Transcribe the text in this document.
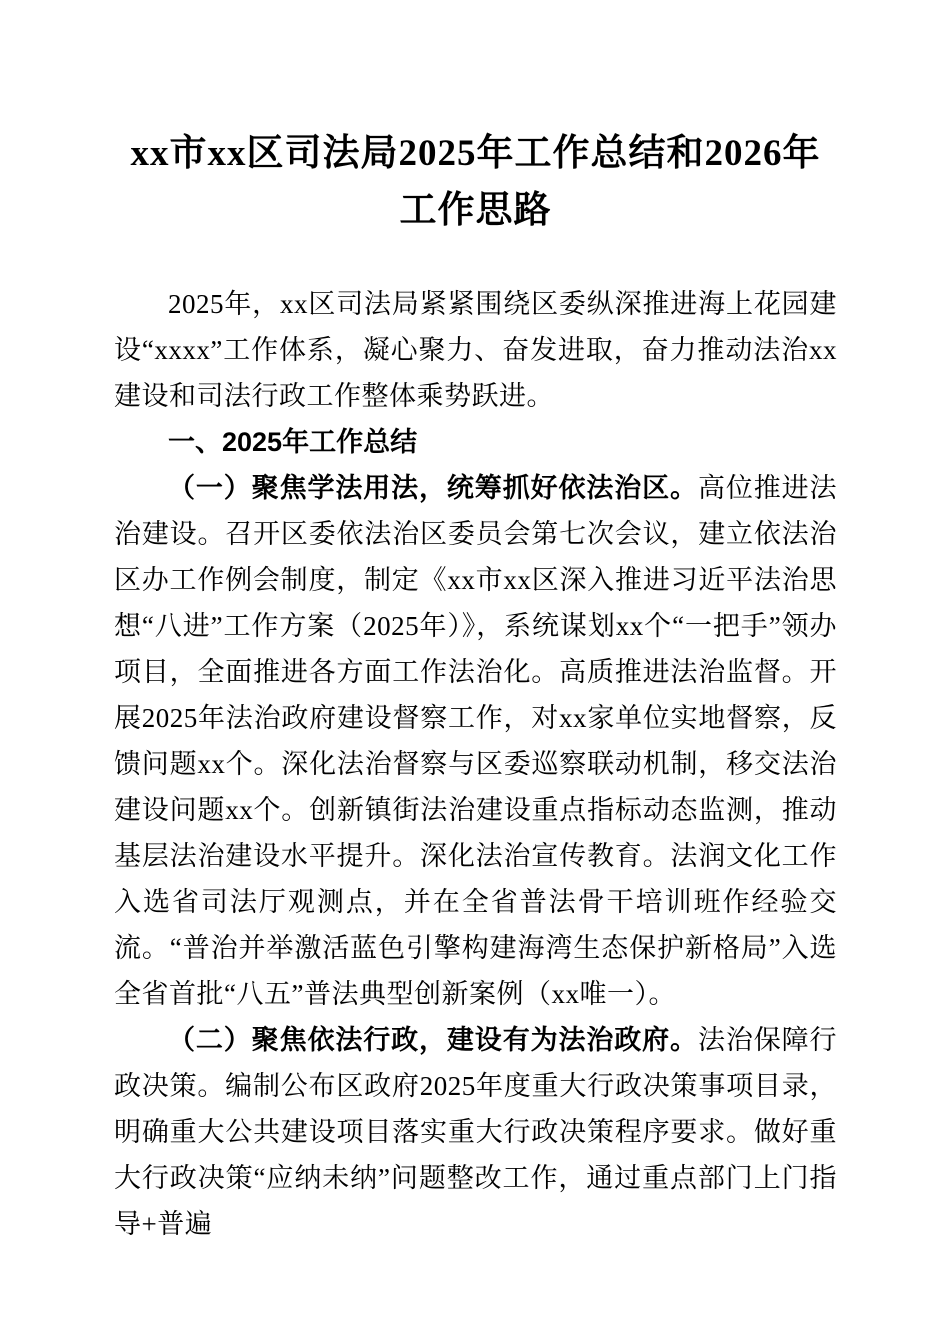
xx市xx区司法局2025年工作总结和2026年工作思路

2025年，xx区司法局紧紧围绕区委纵深推进海上花园建设“xxxx”工作体系，凝心聚力、奋发进取，奋力推动法治xx建设和司法行政工作整体乘势跃进。

一、2025年工作总结

（一）聚焦学法用法，统筹抓好依法治区。高位推进法治建设。召开区委依法治区委员会第七次会议，建立依法治区办工作例会制度，制定《xx市xx区深入推进习近平法治思想“八进”工作方案（2025年）》，系统谋划xx个“一把手”领办项目，全面推进各方面工作法治化。高质推进法治监督。开展2025年法治政府建设督察工作，对xx家单位实地督察，反馈问题xx个。深化法治督察与区委巡察联动机制，移交法治建设问题xx个。创新镇街法治建设重点指标动态监测，推动基层法治建设水平提升。深化法治宣传教育。法润文化工作入选省司法厅观测点，并在全省普法骨干培训班作经验交流。“普治并举激活蓝色引擎构建海湾生态保护新格局”入选全省首批“八五”普法典型创新案例（xx唯一）。

（二）聚焦依法行政，建设有为法治政府。法治保障行政决策。编制公布区政府2025年度重大行政决策事项目录，明确重大公共建设项目落实重大行政决策程序要求。做好重大行政决策“应纳未纳”问题整改工作，通过重点部门上门指导+普遍
